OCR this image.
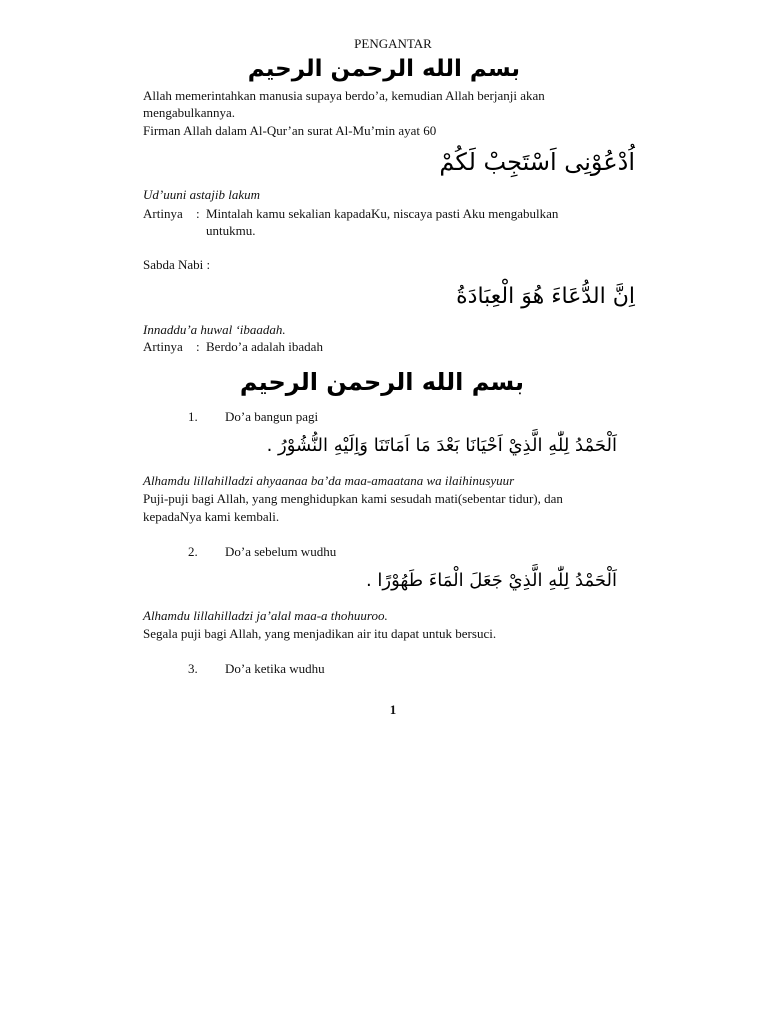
PENGANTAR
بسم الله الرحمن الرحيم
Allah memerintahkan manusia supaya berdo’a, kemudian Allah berjanji akan
mengabulkannya.
Firman Allah dalam Al-Qur’an surat Al-Mu’min ayat 60
اُدْعُوْنِى اَسْتَجِبْ لَكُمْ
Ud’uuni astajib lakum
Artinya : Mintalah kamu sekalian kapadaKu, niscaya pasti Aku mengabulkan
untukmu.
Sabda Nabi :
اِنَّ الدُّعَاءَ هُوَ الْعِبَادَةُ
Innaddu’a huwal ‘ibaadah.
Artinya : Berdo’a adalah ibadah
بسم الله الرحمن الرحيم
1. Do’a bangun pagi
اَلْحَمْدُ لِلّٰهِ الَّذِيْ اَحْيَانَا بَعْدَ مَا اَمَاتَنَا وَاِلَيْهِ النُّشُوْرُ .
Alhamdu lillahilladzi ahyaanaa ba’da maa-amaatana wa ilaihinusyuur
Puji-puji bagi Allah, yang menghidupkan kami sesudah mati(sebentar tidur), dan
kepadaNya kami kembali.
2. Do’a sebelum wudhu
اَلْحَمْدُ لِلّٰهِ الَّذِيْ جَعَلَ الْمَاءَ طَهُوْرًا .
Alhamdu lillahilladzi ja’alal maa-a thohuuroo.
Segala puji bagi Allah, yang menjadikan air itu dapat untuk bersuci.
3. Do’a ketika wudhu
1
